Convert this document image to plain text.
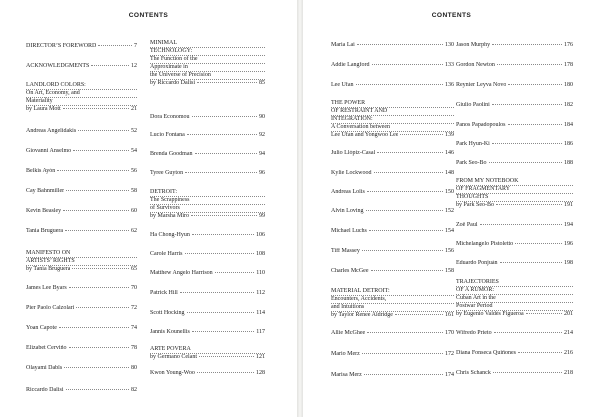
CONTENTS
DIRECTOR’S FOREWORD	7
ACKNOWLEDGMENTS	12
LANDLORD COLORS:
On Art, Economy, and
Materiality
by Laura Mott	21
Andreas Angelidakis	52
Giovanni Anselmo	54
Belkis Ayón	56
Cay Bahnmiller	58
Kevin Beasley	60
Tania Bruguera	62
MANIFESTO ON
ARTISTS’ RIGHTS
by Tania Bruguera	65
James Lee Byars	70
Pier Paolo Calzolari	72
Yoan Capote	74
Elizabet Cerviño	78
Olayami Dabls	80
Riccardo Dalisi	82
MINIMAL
TECHNOLOGY:
The Function of the
Approximate in
the Universe of Precision
by Riccardo Dalisi	85
Dora Economou	90
Lucio Fontana	92
Brenda Goodman	94
Tyree Guyton	96
DETROIT:
The Scrappiness
of Survivors
by Marsha Miro	99
Ha Chong-Hyun	106
Carole Harris	108
Matthew Angelo Harrison	110
Patrick Hill	112
Scott Hocking	114
Jannis Kounellis	117
ARTE POVERA
by Germano Celant	121
Kwon Young-Woo	128
CONTENTS
Maria Lai	130
Addie Langford	133
Lee Ufan	136
THE POWER
OF RESTRAINT AND
INTEGRATION:
A Conversation between
Lee Ufan and Yongwoo Lee	139
Julio Llópiz-Casal	146
Kylie Lockwood	148
Andreas Lolis	150
Alvin Loving	152
Michael Luchs	154
Tiff Massey	156
Charles McGee	158
MATERIAL DETROIT:
Encounters, Accidents,
and Intuitions
by Taylor Renee Aldridge	161
Allie McGhee	170
Mario Merz	172
Marisa Merz	174
Jason Murphy	176
Gordon Newton	178
Reynier Leyva Novo	180
Giulio Paolini	182
Panos Papadopoulos	184
Park Hyun-Ki	186
Park Seo-Bo	188
FROM MY NOTEBOOK
OF FRAGMENTARY
THOUGHTS
by Park Seo-Bo	191
Zoë Paul	194
Michelangelo Pistoletto	196
Eduardo Ponjuán	198
TRAJECTORIES
OF A RUMOR:
Cuban Art in the
Postwar Period
by Eugenio Valdés Figueroa	201
Wifredo Prieto	214
Diana Fonseca Quiñones	216
Chris Schanck	218
